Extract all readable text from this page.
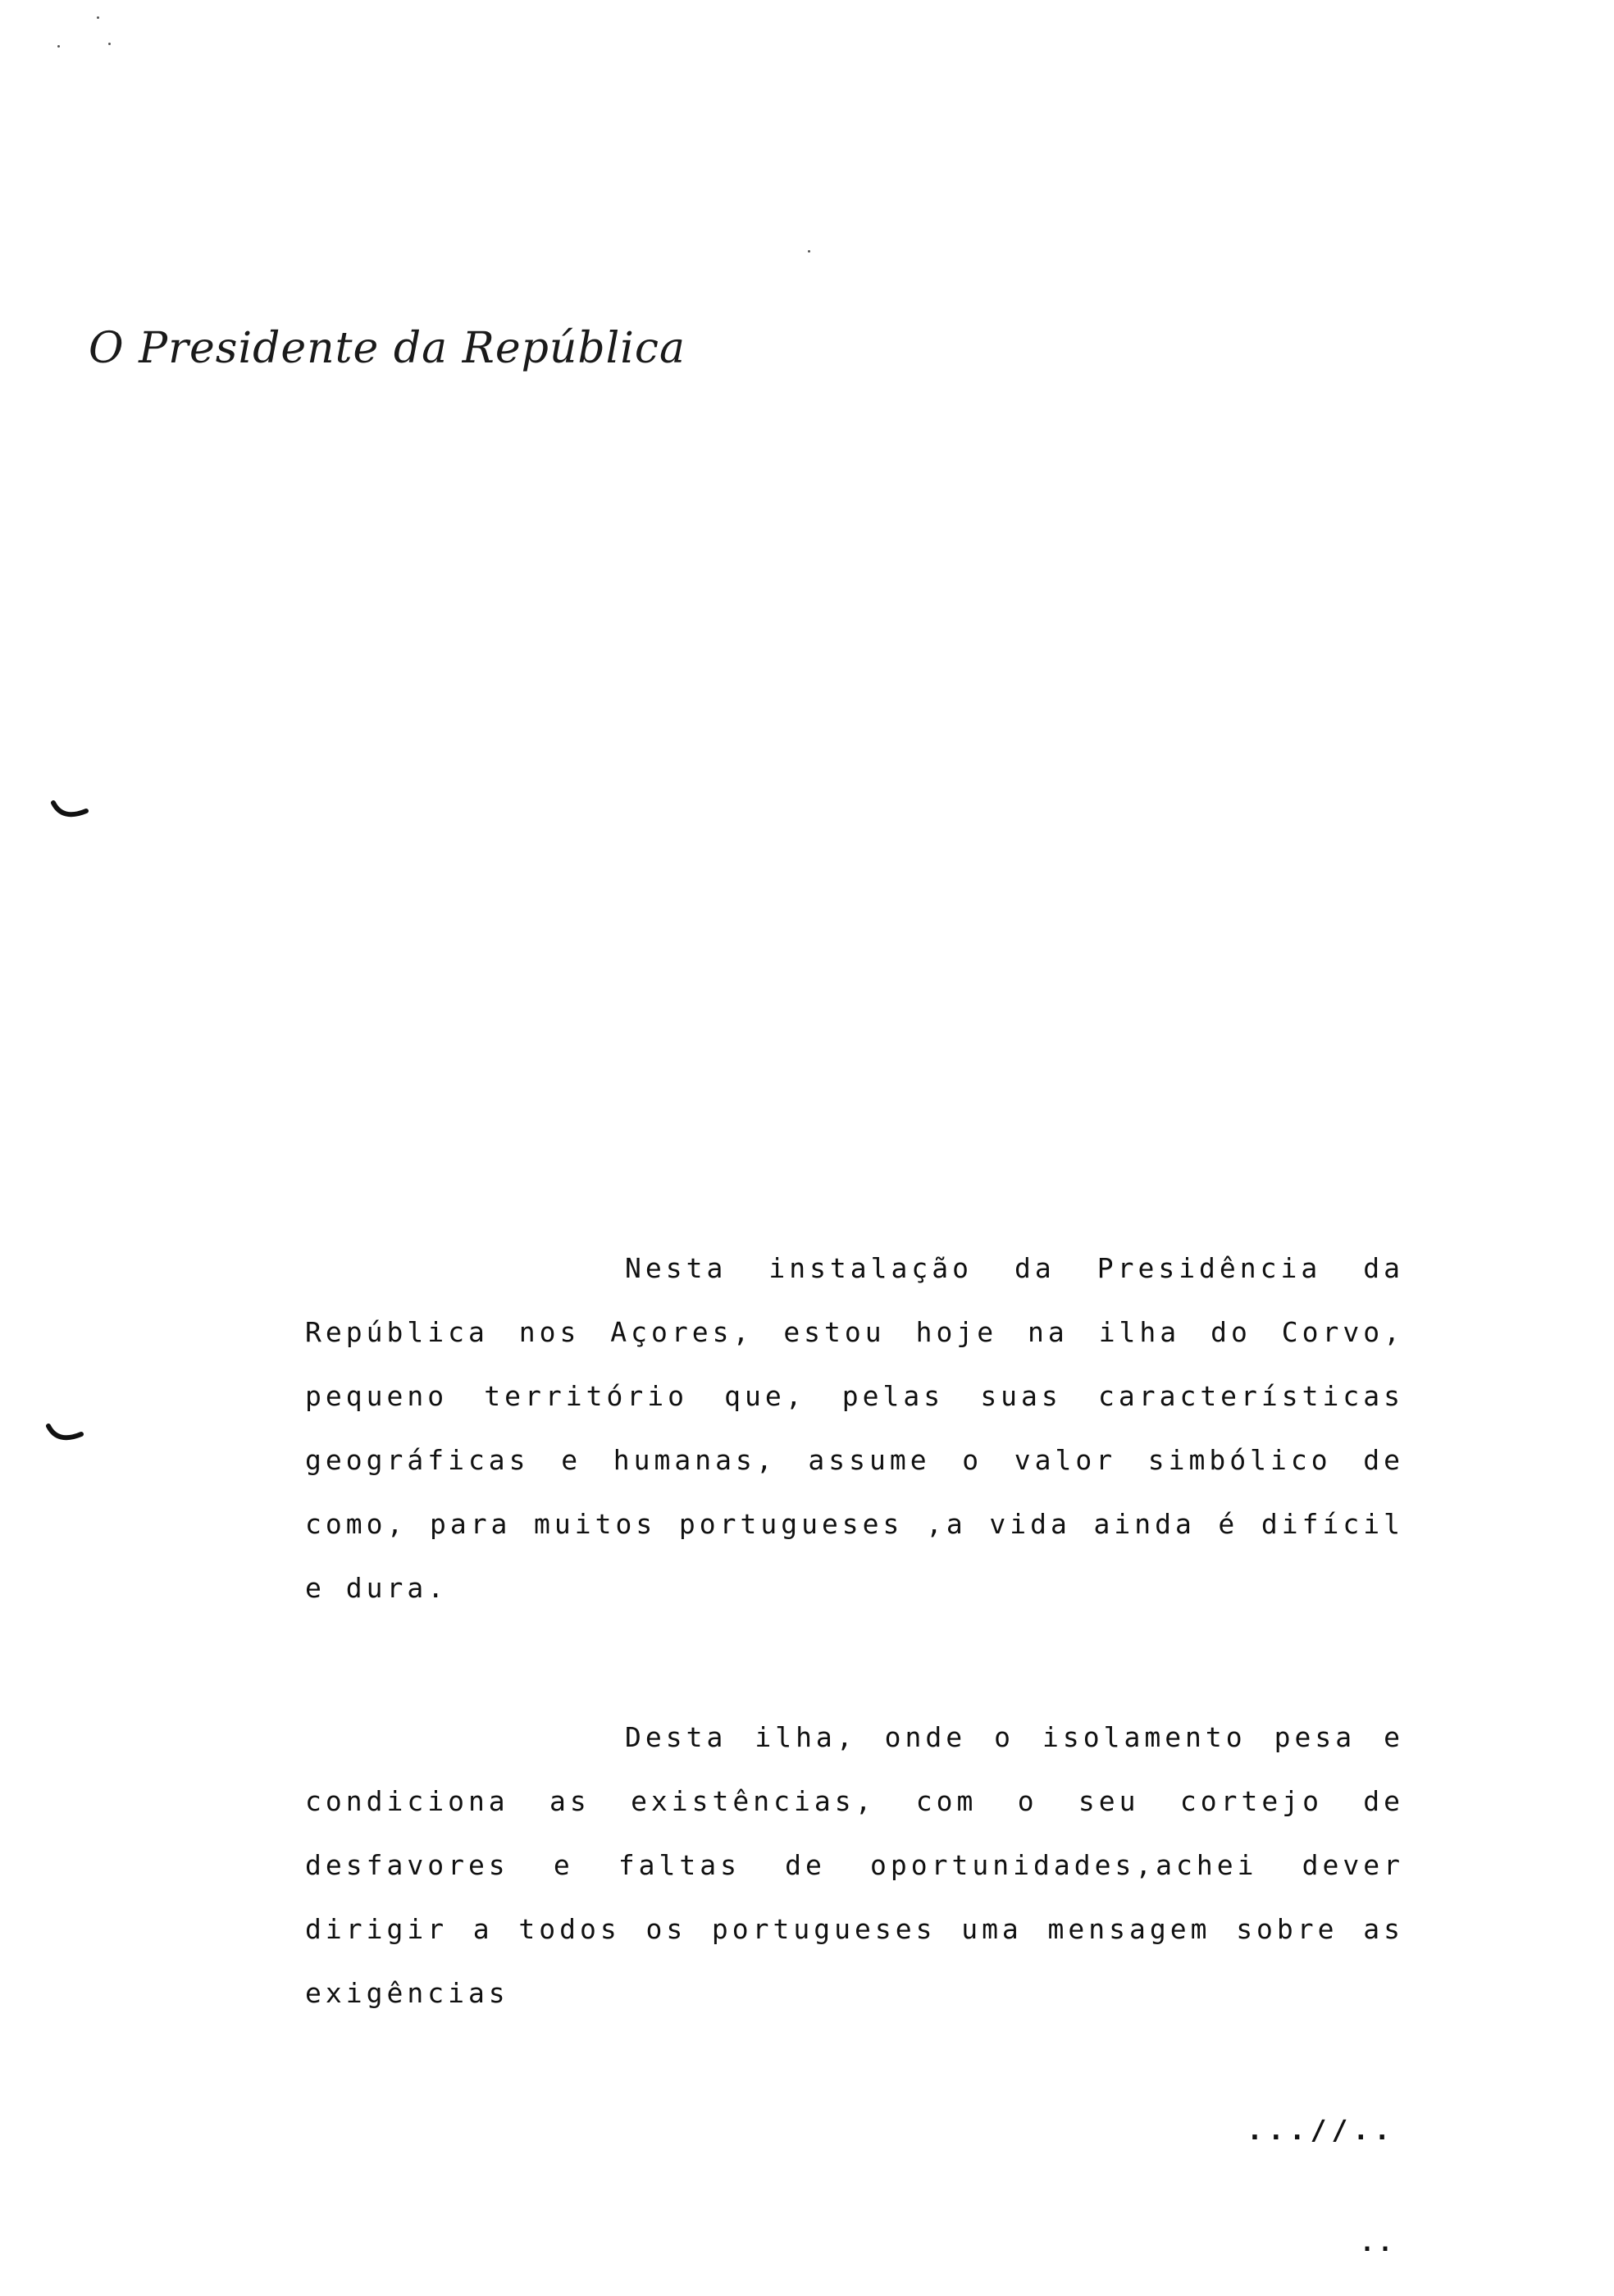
O Presidente da República

Nesta instalação da Presidência da República nos Açores, estou hoje na ilha do Corvo, pequeno território que, pelas suas características geográficas e humanas, assume o valor simbólico de como, para muitos portugueses ,a vida ainda é difícil e dura.

Desta ilha, onde o isolamento pesa e condiciona as existências, com o seu cortejo de desfavores e faltas de oportunidades,achei dever dirigir a todos os portugueses uma mensagem sobre as exigências

...//..
..
